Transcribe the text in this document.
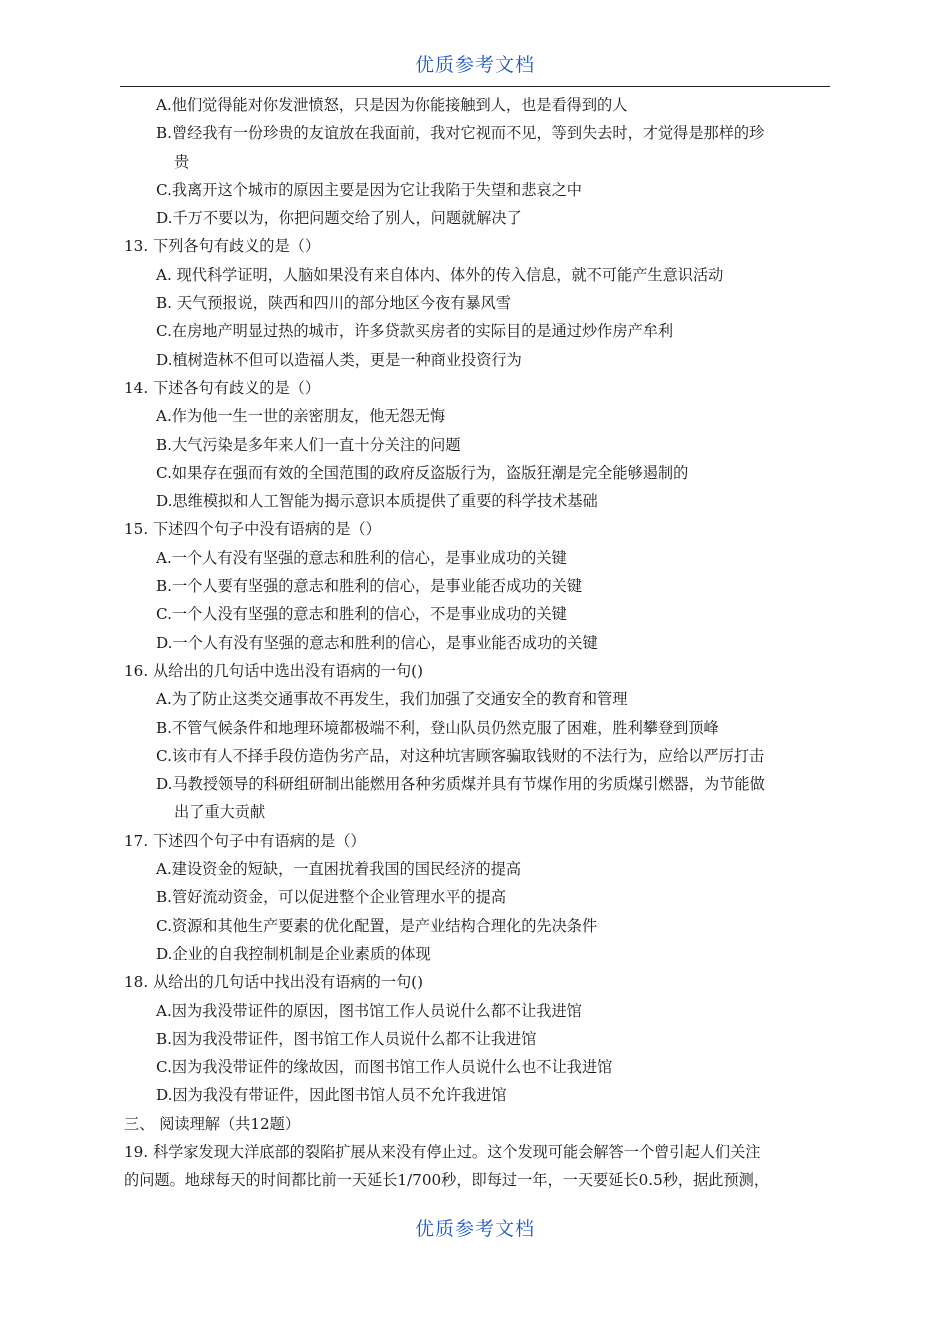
优质参考文档
A.他们觉得能对你发泄愤怒，只是因为你能接触到人，也是看得到的人
B.曾经我有一份珍贵的友谊放在我面前，我对它视而不见，等到失去时，才觉得是那样的珍
贵
C.我离开这个城市的原因主要是因为它让我陷于失望和悲哀之中
D.千万不要以为，你把问题交给了别人，问题就解决了
13. 下列各句有歧义的是（）
A. 现代科学证明，人脑如果没有来自体内、体外的传入信息，就不可能产生意识活动
B. 天气预报说，陕西和四川的部分地区今夜有暴风雪
C.在房地产明显过热的城市，许多贷款买房者的实际目的是通过炒作房产牟利
D.植树造林不但可以造福人类，更是一种商业投资行为
14. 下述各句有歧义的是（）
A.作为他一生一世的亲密朋友，他无怨无悔
B.大气污染是多年来人们一直十分关注的问题
C.如果存在强而有效的全国范围的政府反盗版行为，盗版狂潮是完全能够遏制的
D.思维模拟和人工智能为揭示意识本质提供了重要的科学技术基础
15. 下述四个句子中没有语病的是（）
A.一个人有没有坚强的意志和胜利的信心，是事业成功的关键
B.一个人要有坚强的意志和胜利的信心，是事业能否成功的关键
C.一个人没有坚强的意志和胜利的信心，不是事业成功的关键
D.一个人有没有坚强的意志和胜利的信心，是事业能否成功的关键
16. 从给出的几句话中选出没有语病的一句()
A.为了防止这类交通事故不再发生，我们加强了交通安全的教育和管理
B.不管气候条件和地理环境都极端不利，登山队员仍然克服了困难，胜利攀登到顶峰
C.该市有人不择手段仿造伪劣产品，对这种坑害顾客骗取钱财的不法行为，应给以严厉打击
D.马教授领导的科研组研制出能燃用各种劣质煤并具有节煤作用的劣质煤引燃器，为节能做
出了重大贡献
17. 下述四个句子中有语病的是（）
A.建设资金的短缺，一直困扰着我国的国民经济的提高
B.管好流动资金，可以促进整个企业管理水平的提高
C.资源和其他生产要素的优化配置，是产业结构合理化的先决条件
D.企业的自我控制机制是企业素质的体现
18. 从给出的几句话中找出没有语病的一句()
A.因为我没带证件的原因，图书馆工作人员说什么都不让我进馆
B.因为我没带证件，图书馆工作人员说什么都不让我进馆
C.因为我没带证件的缘故因，而图书馆工作人员说什么也不让我进馆
D.因为我没有带证件，因此图书馆人员不允许我进馆
三、 阅读理解（共12题）
19. 科学家发现大洋底部的裂陷扩展从来没有停止过。这个发现可能会解答一个曾引起人们关注
的问题。地球每天的时间都比前一天延长1/700秒，即每过一年，一天要延长0.5秒，据此预测，
优质参考文档
